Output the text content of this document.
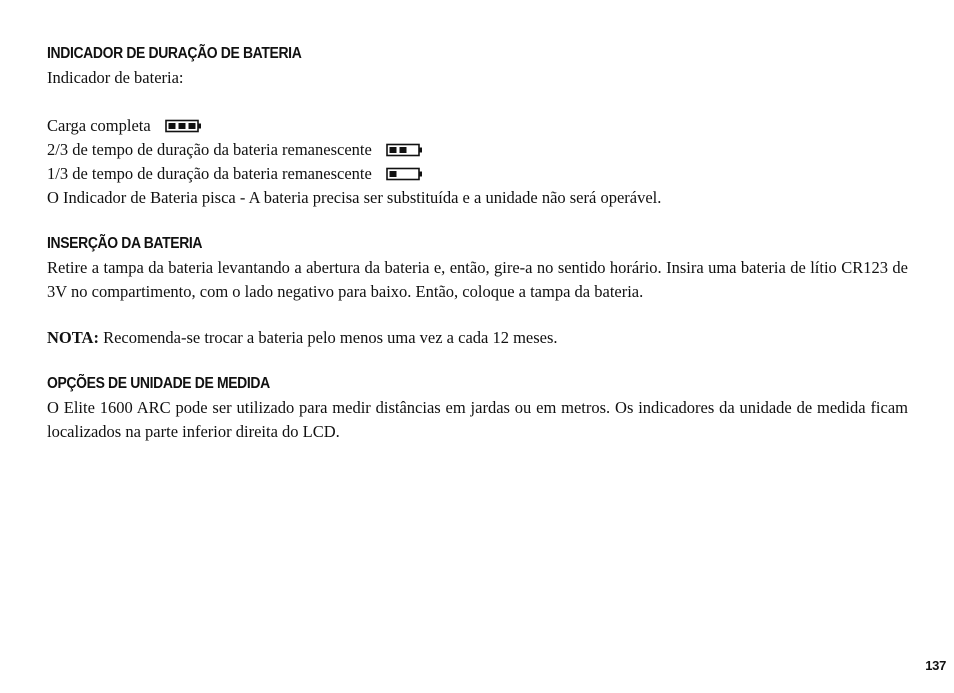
INDICADOR DE DURAÇÃO DE BATERIA
Indicador de bateria:
Carga completa
2/3 de tempo de duração da bateria remanescente
1/3 de tempo de duração da bateria remanescente
O Indicador de Bateria pisca - A bateria precisa ser substituída e a unidade não será operável.
INSERÇÃO DA BATERIA
Retire a tampa da bateria levantando a abertura da bateria e, então, gire-a no sentido horário. Insira uma bateria de lítio CR123 de 3V no compartimento, com o lado negativo para baixo. Então, coloque a tampa da bateria.
NOTA: Recomenda-se trocar a bateria pelo menos uma vez a cada 12 meses.
OPÇÕES DE UNIDADE DE MEDIDA
O Elite 1600 ARC pode ser utilizado para medir distâncias em jardas ou em metros. Os indicadores da unidade de medida ficam localizados na parte inferior direita do LCD.
137
